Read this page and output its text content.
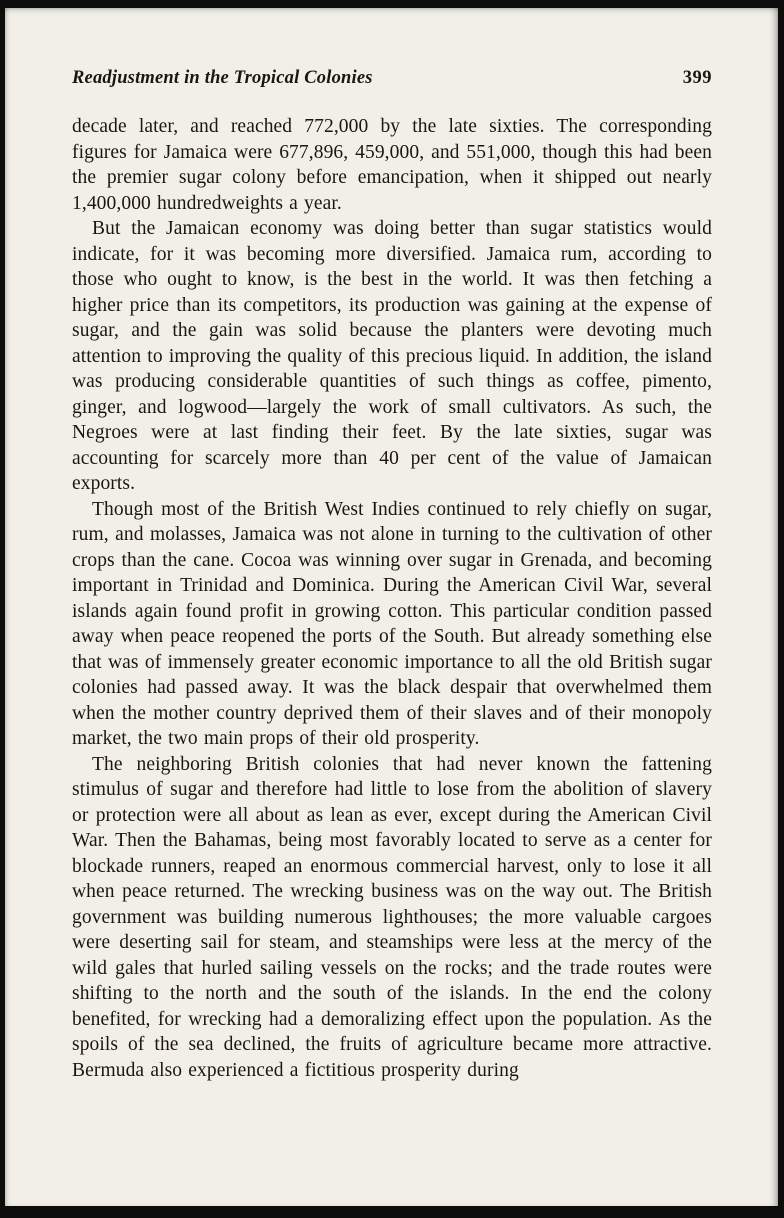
Readjustment in the Tropical Colonies	399

decade later, and reached 772,000 by the late sixties. The corresponding figures for Jamaica were 677,896, 459,000, and 551,000, though this had been the premier sugar colony before emancipation, when it shipped out nearly 1,400,000 hundredweights a year.

But the Jamaican economy was doing better than sugar statistics would indicate, for it was becoming more diversified. Jamaica rum, according to those who ought to know, is the best in the world. It was then fetching a higher price than its competitors, its production was gaining at the expense of sugar, and the gain was solid because the planters were devoting much attention to improving the quality of this precious liquid. In addition, the island was producing considerable quantities of such things as coffee, pimento, ginger, and logwood—largely the work of small cultivators. As such, the Negroes were at last finding their feet. By the late sixties, sugar was accounting for scarcely more than 40 per cent of the value of Jamaican exports.

Though most of the British West Indies continued to rely chiefly on sugar, rum, and molasses, Jamaica was not alone in turning to the cultivation of other crops than the cane. Cocoa was winning over sugar in Grenada, and becoming important in Trinidad and Dominica. During the American Civil War, several islands again found profit in growing cotton. This particular condition passed away when peace reopened the ports of the South. But already something else that was of immensely greater economic importance to all the old British sugar colonies had passed away. It was the black despair that overwhelmed them when the mother country deprived them of their slaves and of their monopoly market, the two main props of their old prosperity.

The neighboring British colonies that had never known the fattening stimulus of sugar and therefore had little to lose from the abolition of slavery or protection were all about as lean as ever, except during the American Civil War. Then the Bahamas, being most favorably located to serve as a center for blockade runners, reaped an enormous commercial harvest, only to lose it all when peace returned. The wrecking business was on the way out. The British government was building numerous lighthouses; the more valuable cargoes were deserting sail for steam, and steamships were less at the mercy of the wild gales that hurled sailing vessels on the rocks; and the trade routes were shifting to the north and the south of the islands. In the end the colony benefited, for wrecking had a demoralizing effect upon the population. As the spoils of the sea declined, the fruits of agriculture became more attractive. Bermuda also experienced a fictitious prosperity during
